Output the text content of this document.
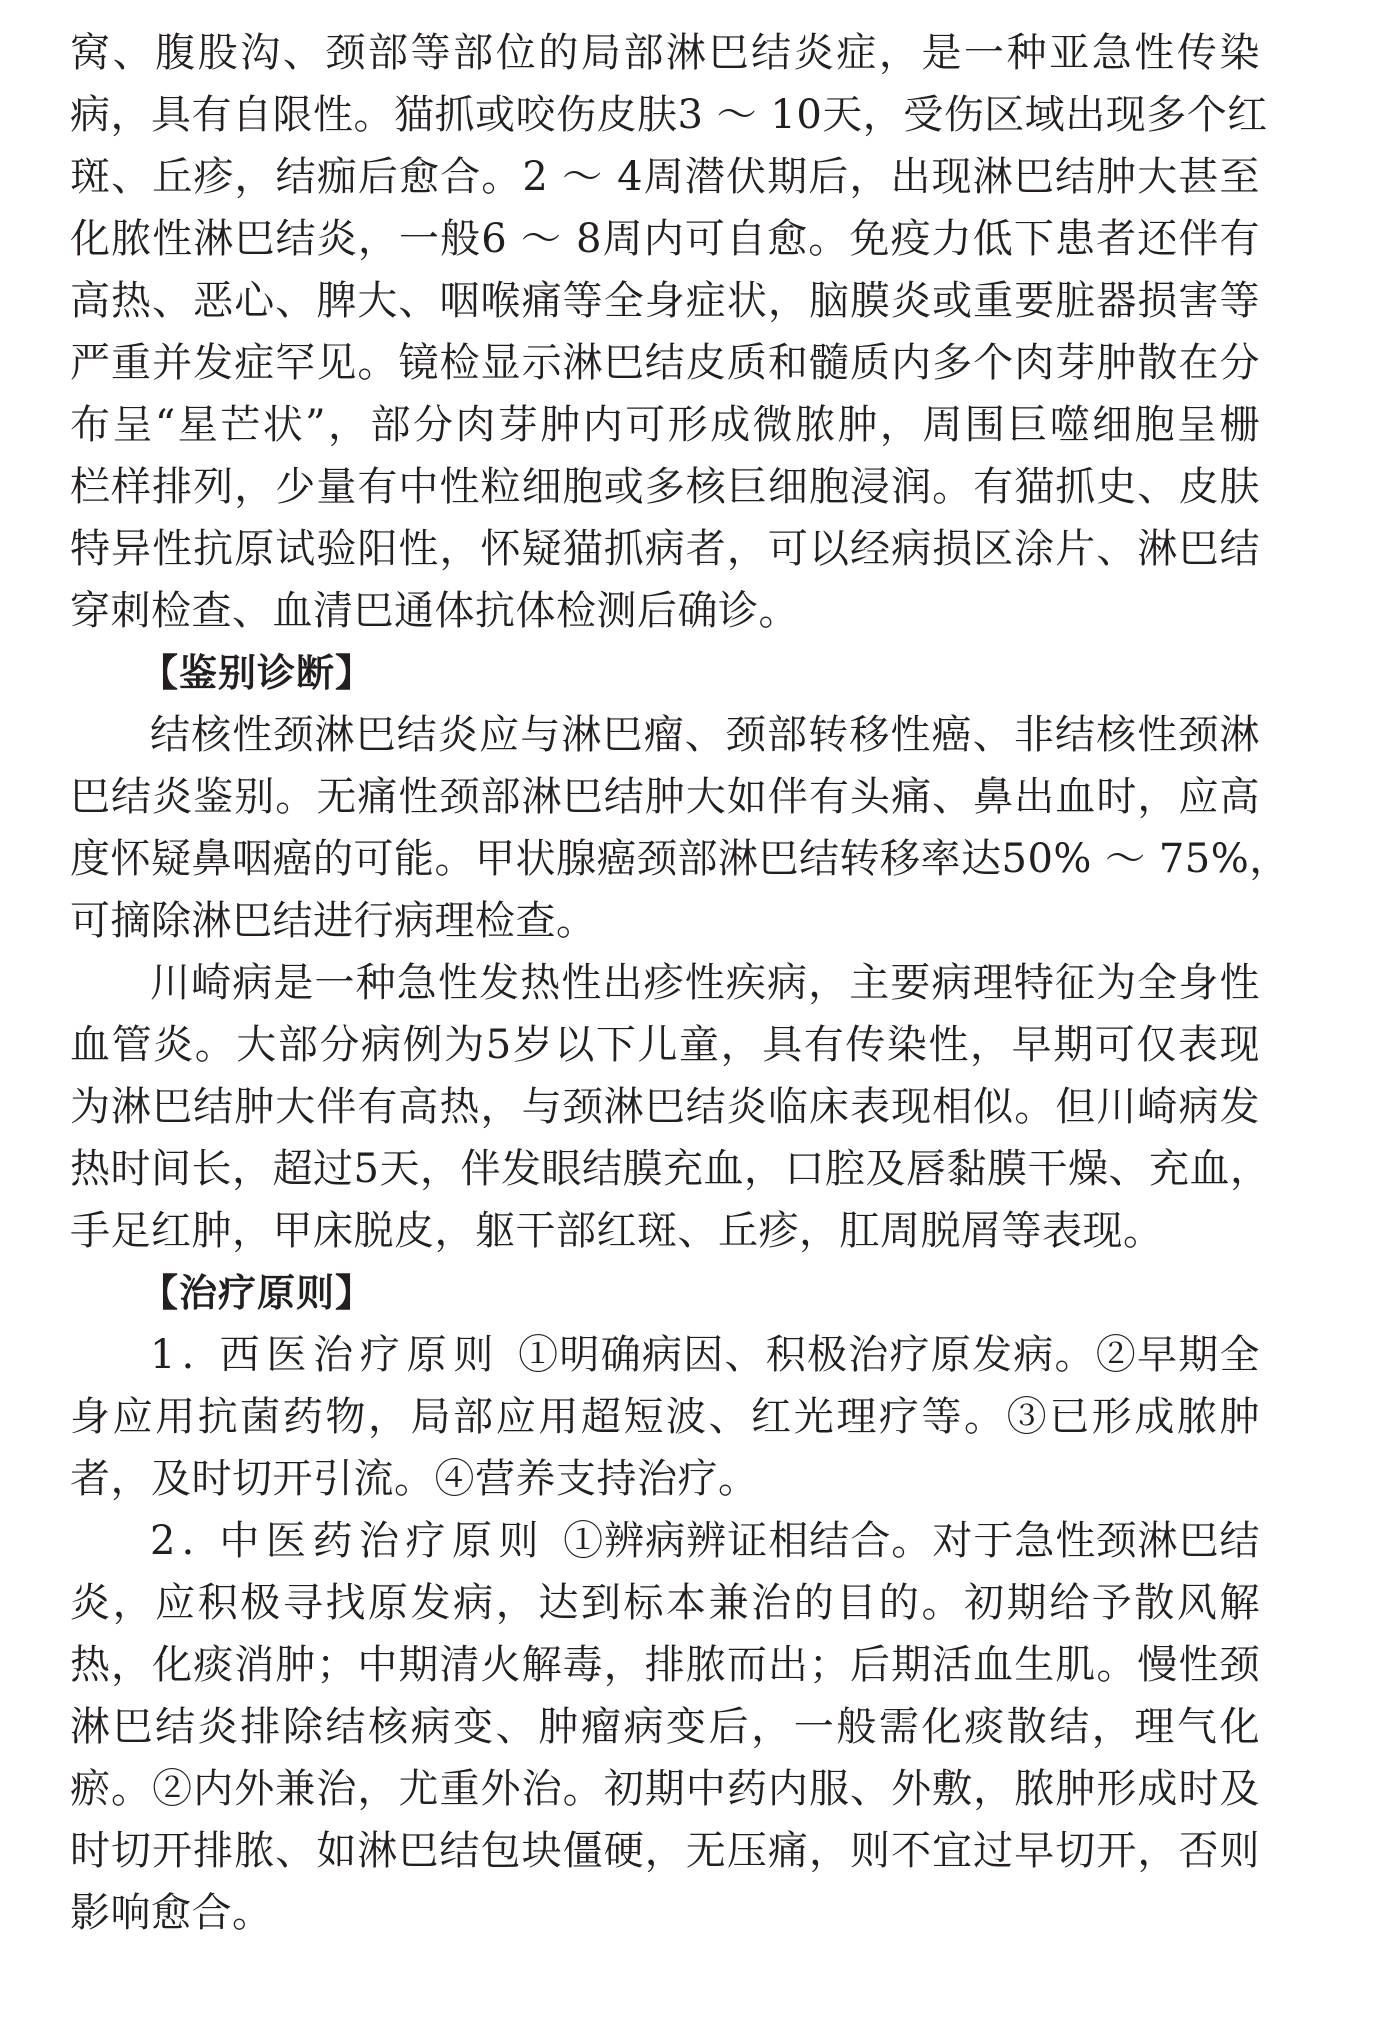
窝、腹股沟、颈部等部位的局部淋巴结炎症，是一种亚急性传染
病，具有自限性。猫抓或咬伤皮肤3 ～ 10天，受伤区域出现多个红
斑、丘疹，结痂后愈合。2 ～ 4周潜伏期后，出现淋巴结肿大甚至
化脓性淋巴结炎，一般6 ～ 8周内可自愈。免疫力低下患者还伴有
高热、恶心、脾大、咽喉痛等全身症状，脑膜炎或重要脏器损害等
严重并发症罕见。镜检显示淋巴结皮质和髓质内多个肉芽肿散在分
布呈“星芒状”，部分肉芽肿内可形成微脓肿，周围巨噬细胞呈栅
栏样排列，少量有中性粒细胞或多核巨细胞浸润。有猫抓史、皮肤
特异性抗原试验阳性，怀疑猫抓病者，可以经病损区涂片、淋巴结
穿刺检查、血清巴通体抗体检测后确诊。
【鉴别诊断】
结核性颈淋巴结炎应与淋巴瘤、颈部转移性癌、非结核性颈淋
巴结炎鉴别。无痛性颈部淋巴结肿大如伴有头痛、鼻出血时，应高
度怀疑鼻咽癌的可能。甲状腺癌颈部淋巴结转移率达50% ～ 75%，
可摘除淋巴结进行病理检查。
川崎病是一种急性发热性出疹性疾病，主要病理特征为全身性
血管炎。大部分病例为5岁以下儿童，具有传染性，早期可仅表现
为淋巴结肿大伴有高热，与颈淋巴结炎临床表现相似。但川崎病发
热时间长，超过5天，伴发眼结膜充血，口腔及唇黏膜干燥、充血，
手足红肿，甲床脱皮，躯干部红斑、丘疹，肛周脱屑等表现。
【治疗原则】
1. 西医治疗原则 ①明确病因、积极治疗原发病。②早期全
身应用抗菌药物，局部应用超短波、红光理疗等。③已形成脓肿
者，及时切开引流。④营养支持治疗。
2. 中医药治疗原则 ①辨病辨证相结合。对于急性颈淋巴结
炎，应积极寻找原发病，达到标本兼治的目的。初期给予散风解
热，化痰消肿；中期清火解毒，排脓而出；后期活血生肌。慢性颈
淋巴结炎排除结核病变、肿瘤病变后，一般需化痰散结，理气化
瘀。②内外兼治，尤重外治。初期中药内服、外敷，脓肿形成时及
时切开排脓、如淋巴结包块僵硬，无压痛，则不宜过早切开，否则
影响愈合。
